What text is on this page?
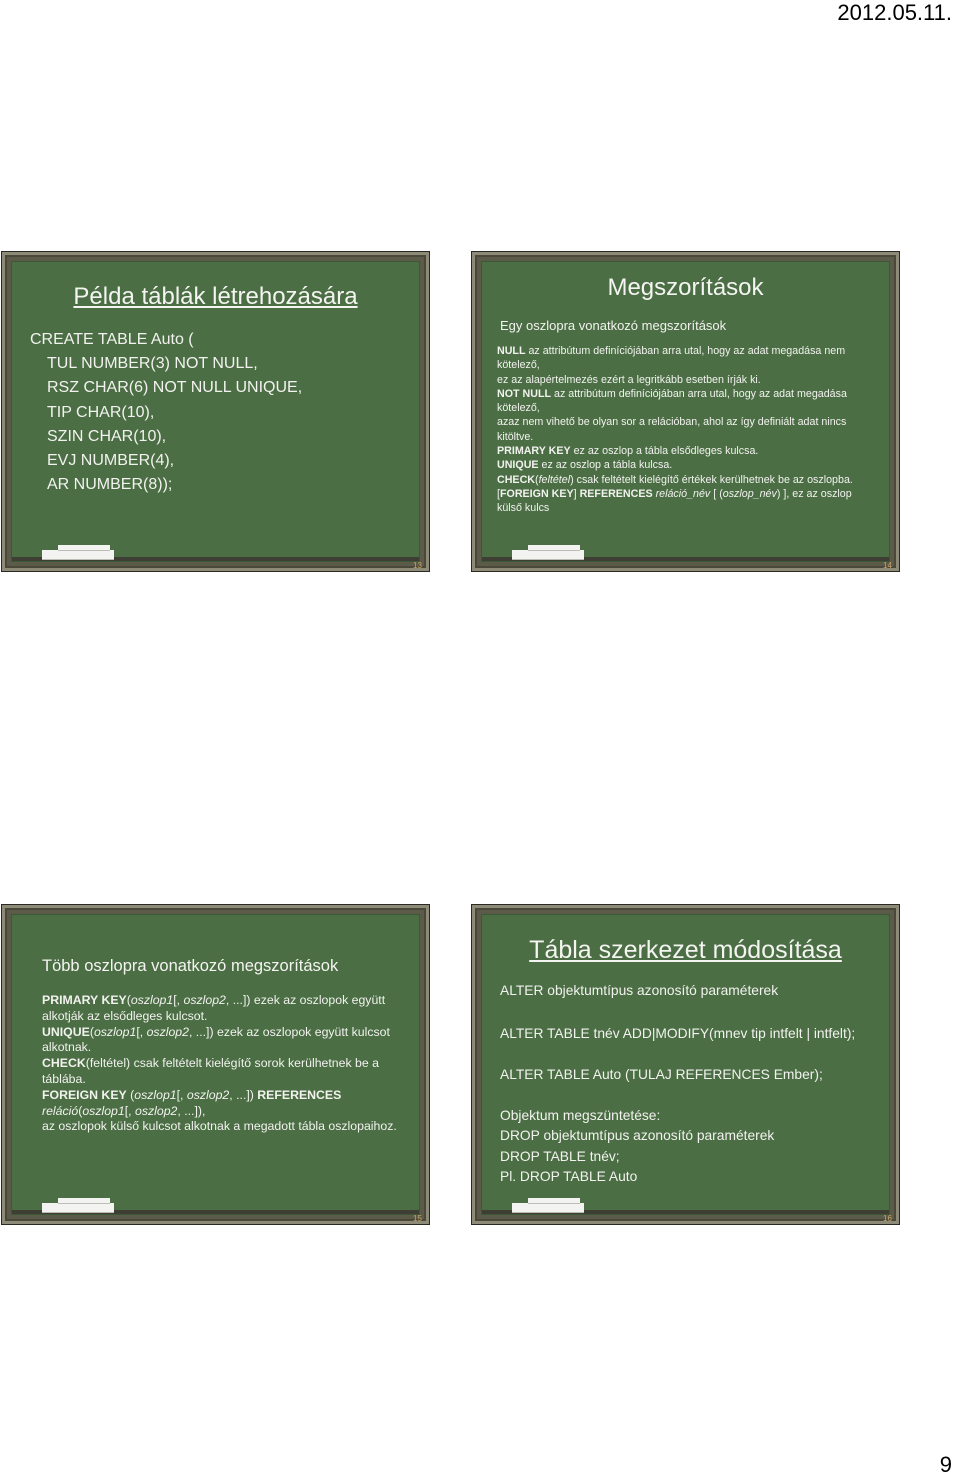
2012.05.11.
Példa táblák létrehozására
CREATE TABLE Auto (
TUL NUMBER(3) NOT NULL,
RSZ CHAR(6) NOT NULL UNIQUE,
TIP CHAR(10),
SZIN CHAR(10),
EVJ NUMBER(4),
AR NUMBER(8));
13
Megszorítások
Egy oszlopra vonatkozó megszorítások
NULL az attribútum definíciójában arra utal, hogy az adat megadása nem kötelező,
ez az alapértelmezés ezért a legritkább esetben írják ki.
NOT NULL az attribútum definíciójában arra utal, hogy az adat megadása kötelező,
azaz nem vihető be olyan sor a relációban, ahol az így definiált adat nincs kitöltve.
PRIMARY KEY ez az oszlop a tábla elsődleges kulcsa.
UNIQUE ez az oszlop a tábla kulcsa.
CHECK(feltétel) csak feltételt kielégítő értékek kerülhetnek be az oszlopba.
[FOREIGN KEY] REFERENCES reláció_név [ (oszlop_név) ], ez az oszlop külső kulcs
14
Több oszlopra vonatkozó megszorítások
PRIMARY KEY(oszlop1[, oszlop2, ...]) ezek az oszlopok együtt alkotják az elsődleges kulcsot.
UNIQUE(oszlop1[, oszlop2, ...]) ezek az oszlopok együtt kulcsot alkotnak.
CHECK(feltétel) csak feltételt kielégítő sorok kerülhetnek be a táblába.
FOREIGN KEY (oszlop1[, oszlop2, ...]) REFERENCES
reláció(oszlop1[, oszlop2, ...]),
az oszlopok külső kulcsot alkotnak a megadott tábla oszlopaihoz.
15
Tábla szerkezet módosítása
ALTER objektumtípus azonosító paraméterek
ALTER TABLE tnév ADD|MODIFY(mnev tip intfelt | intfelt);
ALTER TABLE Auto (TULAJ REFERENCES Ember);
Objektum megszüntetése:
DROP objektumtípus azonosító paraméterek
DROP TABLE tnév;
Pl. DROP TABLE Auto
16
9
